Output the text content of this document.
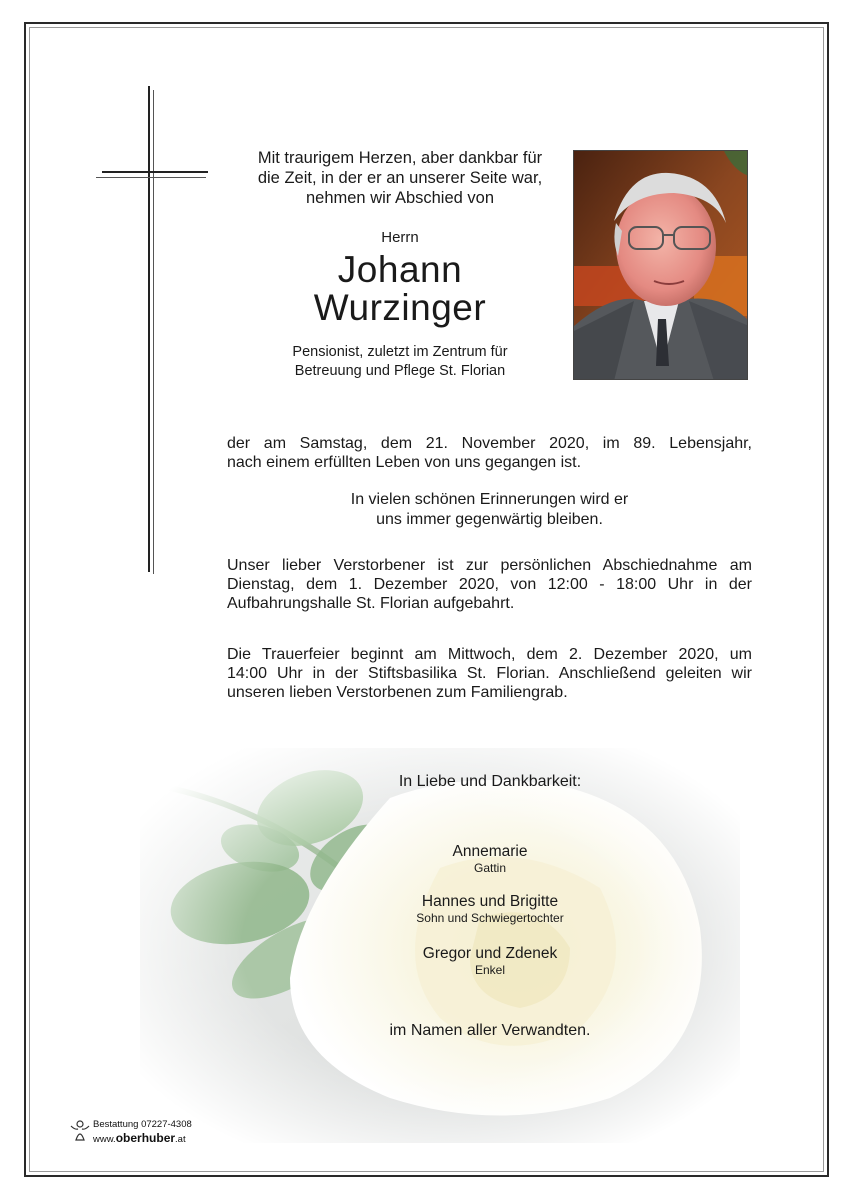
Mit traurigem Herzen, aber dankbar für
die Zeit, in der er an unserer Seite war,
nehmen wir Abschied von
Herrn
Johann
Wurzinger
Pensionist, zuletzt im Zentrum für
Betreuung und Pflege St. Florian
der am Samstag, dem 21. November 2020, im 89. Lebensjahr,
nach einem erfüllten Leben von uns gegangen ist.
In vielen schönen Erinnerungen wird er
uns immer gegenwärtig bleiben.
Unser lieber Verstorbener ist zur persönlichen Abschiednahme am
Dienstag, dem 1. Dezember 2020, von 12:00 - 18:00 Uhr in der
Aufbahrungshalle St. Florian aufgebahrt.
Die Trauerfeier beginnt am Mittwoch, dem 2. Dezember 2020, um
14:00 Uhr in der Stiftsbasilika St. Florian. Anschließend geleiten wir
unseren lieben Verstorbenen zum Familiengrab.
In Liebe und Dankbarkeit:
Annemarie
Gattin
Hannes und Brigitte
Sohn und Schwiegertochter
Gregor und Zdenek
Enkel
im Namen aller Verwandten.
Bestattung 07227-4308
www.oberhuber.at
